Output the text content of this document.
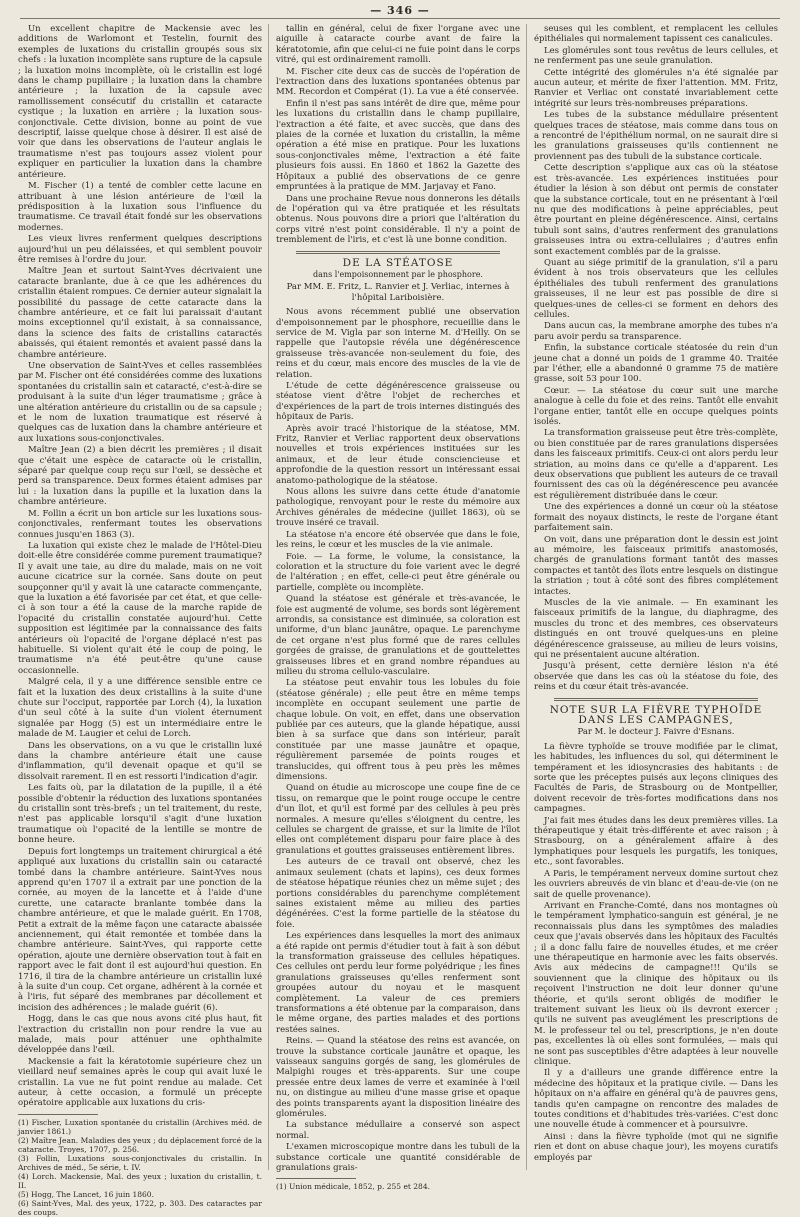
— 346 —

Un excellent chapitre de Mackensie avec les additions de Warlomont et Testelin, fournit des exemples de luxations du cristallin groupés sous six chefs : la luxation incomplète sans rupture de la capsule ; la luxation moins incomplète, où le cristallin est logé dans le champ pupillaire ; la luxation dans la chambre antérieure ; la luxation de la capsule avec ramollissement consécutif du cristallin et cataracte cystique ; la luxation en arrière ; la luxation sous-conjonctivale. Cette division, bonne au point de vue descriptif, laisse quelque chose à désirer. Il est aisé de voir que dans les observations de l'auteur anglais le traumatisme n'est pas toujours assez violent pour expliquer en particulier la luxation dans la chambre antérieure.

M. Fischer (1) a tenté de combler cette lacune en attribuant à une lésion antérieure de l'œil la prédisposition à la luxation sous l'influence du traumatisme. Ce travail était fondé sur les observations modernes.

Les vieux livres renferment quelques descriptions aujourd'hui un peu délaissées, et qui semblent pouvoir être remises à l'ordre du jour.

Maître Jean et surtout Saint-Yves décrivaient une cataracte branlante, due à ce que les adhérences du cristallin étaient rompues. Ce dernier auteur signalait la possibilité du passage de cette cataracte dans la chambre antérieure, et ce fait lui paraissait d'autant moins exceptionnel qu'il existait, à sa connaissance, dans la science des faits de cristallins cataractés abaissés, qui étaient remontés et avaient passé dans la chambre antérieure.

Une observation de Saint-Yves et celles rassemblées par M. Fischer ont été considérées comme des luxations spontanées du cristallin sain et cataracté, c'est-à-dire se produisant à la suite d'un léger traumatisme ; grâce à une altération antérieure du cristallin ou de sa capsule ; et le nom de luxation traumatique est réservé à quelques cas de luxation dans la chambre antérieure et aux luxations sous-conjonctivales.

Maître Jean (2) a bien décrit les premières ; il disait que c'était une espèce de cataracte où le cristallin, séparé par quelque coup reçu sur l'œil, se dessèche et perd sa transparence. Deux formes étaient admises par lui : la luxation dans la pupille et la luxation dans la chambre antérieure.

M. Follin a écrit un bon article sur les luxations sous-conjonctivales, renfermant toutes les observations connues jusqu'en 1863 (3).

La luxation qui existe chez le malade de l'Hôtel-Dieu doit-elle être considérée comme purement traumatique? Il y avait une taie, au dire du malade, mais on ne voit aucune cicatrice sur la cornée. Sans doute on peut soupçonner qu'il y avait là une cataracte commençante, que la luxation a été favorisée par cet état, et que celle-ci à son tour a été la cause de la marche rapide de l'opacité du cristallin constatée aujourd'hui. Cette supposition est légitimée par la connaissance des faits antérieurs où l'opacité de l'organe déplacé n'est pas habituelle. Si violent qu'ait été le coup de poing, le traumatisme n'a été peut-être qu'une cause occasionnelle.

Malgré cela, il y a une différence sensible entre ce fait et la luxation des deux cristallins à la suite d'une chute sur l'occiput, rapportée par Lorch (4), la luxation d'un seul côté à la suite d'un violent éternument signalée par Hogg (5) est un intermédiaire entre le malade de M. Laugier et celui de Lorch.

Dans les observations, on a vu que le cristallin luxé dans la chambre antérieure était une cause d'inflammation, qu'il devenait opaque et qu'il se dissolvait rarement. Il en est ressorti l'indication d'agir.

Les faits où, par la dilatation de la pupille, il a été possible d'obtenir la réduction des luxations spontanées du cristallin sont très-brefs ; un tel traitement, du reste, n'est pas applicable lorsqu'il s'agit d'une luxation traumatique où l'opacité de la lentille se montre de bonne heure.

Depuis fort longtemps un traitement chirurgical a été appliqué aux luxations du cristallin sain ou cataracté tombé dans la chambre antérieure. Saint-Yves nous apprend qu'en 1707 il a extrait par une ponction de la cornée, au moyen de la lancette et à l'aide d'une curette, une cataracte branlante tombée dans la chambre antérieure, et que le malade guérit. En 1708, Petit a extrait de la même façon une cataracte abaissée anciennement, qui était remontée et tombée dans la chambre antérieure. Saint-Yves, qui rapporte cette opération, ajoute une dernière observation tout à fait en rapport avec le fait dont il est aujourd'hui question. En 1716, il tira de la chambre antérieure un cristallin luxé à la suite d'un coup. Cet organe, adhérent à la cornée et à l'iris, fut séparé des membranes par décollement et incision des adhérences ; le malade guérit (6).

Hogg, dans le cas que nous avons cité plus haut, fit l'extraction du cristallin non pour rendre la vue au malade, mais pour atténuer une ophthalmite développée dans l'œil.

Mackensie a fait la kératotomie supérieure chez un vieillard neuf semaines après le coup qui avait luxé le cristallin. La vue ne fut point rendue au malade. Cet auteur, à cette occasion, a formulé un précepte opératoire applicable aux luxations du cris-

(1) Fischer, Luxation spontanée du cristallin (Archives méd. de janvier 1861.)

(2) Maître Jean. Maladies des yeux ; du déplacement forcé de la cataracte. Troyes, 1707, p. 256.

(3) Follin, Luxations sous-conjonctivales du cristallin. In Archives de méd., 5e série, t. IV.

(4) Lorch. Mackensie, Mal. des yeux ; luxation du cristallin, t. II.

(5) Hogg, The Lancet, 16 juin 1860.

(6) Saint-Yves, Mal. des yeux, 1722, p. 303. Des cataractes par des coups.

tallin en général, celui de fixer l'organe avec une aiguille à cataracte courbe avant de faire la kératotomie, afin que celui-ci ne fuie point dans le corps vitré, qui est ordinairement ramolli.

M. Fischer cite deux cas de succès de l'opération de l'extraction dans des luxations spontanées obtenus par MM. Recordon et Compérat (1). La vue a été conservée.

Enfin il n'est pas sans intérêt de dire que, même pour les luxations du cristallin dans le champ pupillaire, l'extraction a été faite, et avec succès, que dans des plaies de la cornée et luxation du cristallin, la même opération a été mise en pratique. Pour les luxations sous-conjonctivales même, l'extraction a été faite plusieurs fois aussi. En 1860 et 1862 la Gazette des Hôpitaux a publié des observations de ce genre empruntées à la pratique de MM. Jarjavay et Fano.

Dans une prochaine Revue nous donnerons les détails de l'opération qui va être pratiquée et les résultats obtenus. Nous pouvons dire a priori que l'altération du corps vitré n'est point considérable. Il n'y a point de tremblement de l'iris, et c'est là une bonne condition.

DE LA STÉATOSE
dans l'empoisonnement par le phosphore.
Par MM. E. Fritz, L. Ranvier et J. Verliac, internes à l'hôpital Lariboisière.

Nous avons récemment publié une observation d'empoisonnement par le phosphore, recueillie dans le service de M. Vigla par son interne M. d'Heilly. On se rappelle que l'autopsie révéla une dégénérescence graisseuse très-avancée non-seulement du foie, des reins et du cœur, mais encore des muscles de la vie de relation.

L'étude de cette dégénérescence graisseuse ou stéatose vient d'être l'objet de recherches et d'expériences de la part de trois internes distingués des hôpitaux de Paris.

Après avoir tracé l'historique de la stéatose, MM. Fritz, Ranvier et Verliac rapportent deux observations nouvelles et trois expériences instituées sur les animaux, et de leur étude consciencieuse et approfondie de la question ressort un intéressant essai anatomo-pathologique de la stéatose.

Nous allons les suivre dans cette étude d'anatomie pathologique, renvoyant pour le reste du mémoire aux Archives générales de médecine (juillet 1863), où se trouve inséré ce travail.

La stéatose n'a encore été observée que dans le foie, les reins, le cœur et les muscles de la vie animale.

Foie. — La forme, le volume, la consistance, la coloration et la structure du foie varient avec le degré de l'altération ; en effet, celle-ci peut être générale ou partielle, complète ou incomplète.

Quand la stéatose est générale et très-avancée, le foie est augmenté de volume, ses bords sont légèrement arrondis, sa consistance est diminuée, sa coloration est uniforme, d'un blanc jaunâtre, opaque. Le parenchyme de cet organe n'est plus formé que de rares cellules gorgées de graisse, de granulations et de gouttelettes graisseuses libres et en grand nombre répandues au milieu du stroma cellulo-vasculaire.

La stéatose peut envahir tous les lobules du foie (stéatose générale) ; elle peut être en même temps incomplète en occupant seulement une partie de chaque lobule. On voit, en effet, dans une observation publiée par ces auteurs, que la glande hépatique, aussi bien à sa surface que dans son intérieur, paraît constituée par une masse jaunâtre et opaque, régulièrement parsemée de points rouges et translucides, qui offrent tous à peu près les mêmes dimensions.

Quand on étudie au microscope une coupe fine de ce tissu, on remarque que le point rouge occupe le centre d'un îlot, et qu'il est formé par des cellules à peu près normales. A mesure qu'elles s'éloignent du centre, les cellules se chargent de graisse, et sur la limite de l'îlot elles ont complétement disparu pour faire place à des granulations et gouttes graisseuses entièrement libres.

Les auteurs de ce travail ont observé, chez les animaux seulement (chats et lapins), ces deux formes de stéatose hépatique réunies chez un même sujet ; des portions considérables du parenchyme complétement saines existaient même au milieu des parties dégénérées. C'est la forme partielle de la stéatose du foie.

Les expériences dans lesquelles la mort des animaux a été rapide ont permis d'étudier tout à fait à son début la transformation graisseuse des cellules hépatiques. Ces cellules ont perdu leur forme polyédrique ; les fines granulations graisseuses qu'elles renferment sont groupées autour du noyau et le masquent complètement. La valeur de ces premiers transformations a été obtenue par la comparaison, dans le même organe, des parties malades et des portions restées saines.

Reins. — Quand la stéatose des reins est avancée, on trouve la substance corticale jaunâtre et opaque, les vaisseaux sanguins gorgés de sang, les glomérules de Malpighi rouges et très-apparents. Sur une coupe pressée entre deux lames de verre et examinée à l'œil nu, on distingue au milieu d'une masse grise et opaque des points transparents ayant la disposition linéaire des glomérules.

La substance médullaire a conservé son aspect normal.

L'examen microscopique montre dans les tubuli de la substance corticale une quantité considérable de granulations grais-

(1) Union médicale, 1852, p. 255 et 284.

seuses qui les comblent, et remplacent les cellules épithéliales qui normalement tapissent ces canalicules.

Les glomérules sont tous revêtus de leurs cellules, et ne renferment pas une seule granulation.

Cette intégrité des glomérules n'a été signalée par aucun auteur, et mérite de fixer l'attention. MM. Fritz, Ranvier et Verliac ont constaté invariablement cette intégrité sur leurs très-nombreuses préparations.

Les tubes de la substance médullaire présentent quelques traces de stéatose, mais comme dans tous on a rencontré de l'épithélium normal, on ne saurait dire si les granulations graisseuses qu'ils contiennent ne proviennent pas des tubuli de la substance corticale.

Cette description s'applique aux cas où la stéatose est très-avancée. Les expériences instituées pour étudier la lésion à son début ont permis de constater que la substance corticale, tout en ne présentant à l'œil nu que des modifications à peine appréciables, peut être pourtant en pleine dégénérescence. Ainsi, certains tubuli sont sains, d'autres renferment des granulations graisseuses intra ou extra-cellulaires ; d'autres enfin sont exactement comblés par de la graisse.

Quant au siége primitif de la granulation, s'il a paru évident à nos trois observateurs que les cellules épithéliales des tubuli renferment des granulations graisseuses, il ne leur est pas possible de dire si quelques-unes de celles-ci se forment en dehors des cellules.

Dans aucun cas, la membrane amorphe des tubes n'a paru avoir perdu sa transparence.

Enfin, la substance corticale stéatosée du rein d'un jeune chat a donné un poids de 1 gramme 40. Traitée par l'éther, elle a abandonné 0 gramme 75 de matière grasse, soit 53 pour 100.

Cœur. — La stéatose du cœur suit une marche analogue à celle du foie et des reins. Tantôt elle envahit l'organe entier, tantôt elle en occupe quelques points isolés.

La transformation graisseuse peut être très-complète, ou bien constituée par de rares granulations dispersées dans les faisceaux primitifs. Ceux-ci ont alors perdu leur striation, au moins dans ce qu'elle a d'apparent. Les deux observations que publient les auteurs de ce travail fournissent des cas où la dégénérescence peu avancée est régulièrement distribuée dans le cœur.

Une des expériences a donné un cœur où la stéatose formait des noyaux distincts, le reste de l'organe étant parfaitement sain.

On voit, dans une préparation dont le dessin est joint au mémoire, les faisceaux primitifs anastomosés, chargés de granulations formant tantôt des masses compactes et tantôt des îlots entre lesquels on distingue la striation ; tout à côté sont des fibres complétement intactes.

Muscles de la vie animale. — En examinant les faisceaux primitifs de la langue, du diaphragme, des muscles du tronc et des membres, ces observateurs distingués en ont trouvé quelques-uns en pleine dégénérescence graisseuse, au milieu de leurs voisins, qui ne présentaient aucune altération.

Jusqu'à présent, cette dernière lésion n'a été observée que dans les cas où la stéatose du foie, des reins et du cœur était très-avancée.

NOTE SUR LA FIÈVRE TYPHOÏDE DANS LES CAMPAGNES,
Par M. le docteur J. Faivre d'Esnans.

La fièvre typhoïde se trouve modifiée par le climat, les habitudes, les influences du sol, qui déterminent le tempérament et les idiosyncrasies des habitants : de sorte que les préceptes puisés aux leçons cliniques des Facultés de Paris, de Strasbourg ou de Montpellier, doivent recevoir de très-fortes modifications dans nos campagnes.

J'ai fait mes études dans les deux premières villes. La thérapeutique y était très-différente et avec raison ; à Strasbourg, on a généralement affaire à des lymphatiques pour lesquels les purgatifs, les toniques, etc., sont favorables.

A Paris, le tempérament nerveux domine surtout chez les ouvriers abreuvés de vin blanc et d'eau-de-vie (on ne sait de quelle provenance).

Arrivant en Franche-Comté, dans nos montagnes où le tempérament lymphatico-sanguin est général, je ne reconnaissais plus dans les symptômes des maladies ceux que j'avais observés dans les hôpitaux des Facultés ; il a donc fallu faire de nouvelles études, et me créer une thérapeutique en harmonie avec les faits observés. Avis aux médecins de campagne!!! Qu'ils se souviennent que la clinique des hôpitaux ou ils reçoivent l'instruction ne doit leur donner qu'une théorie, et qu'ils seront obligés de modifier le traitement suivant les lieux où ils devront exercer ; qu'ils ne suivent pas aveuglément les prescriptions de M. le professeur tel ou tel, prescriptions, je n'en doute pas, excellentes là où elles sont formulées, — mais qui ne sont pas susceptibles d'être adaptées à leur nouvelle clinique.

Il y a d'ailleurs une grande différence entre la médecine des hôpitaux et la pratique civile. — Dans les hôpitaux on n'a affaire en général qu'à de pauvres gens, tandis qu'en campagne on rencontre des malades de toutes conditions et d'habitudes très-variées. C'est donc une nouvelle étude à commencer et à poursuivre.

Ainsi : dans la fièvre typhoïde (mot qui ne signifie rien et dont on abuse chaque jour), les moyens curatifs employés par
